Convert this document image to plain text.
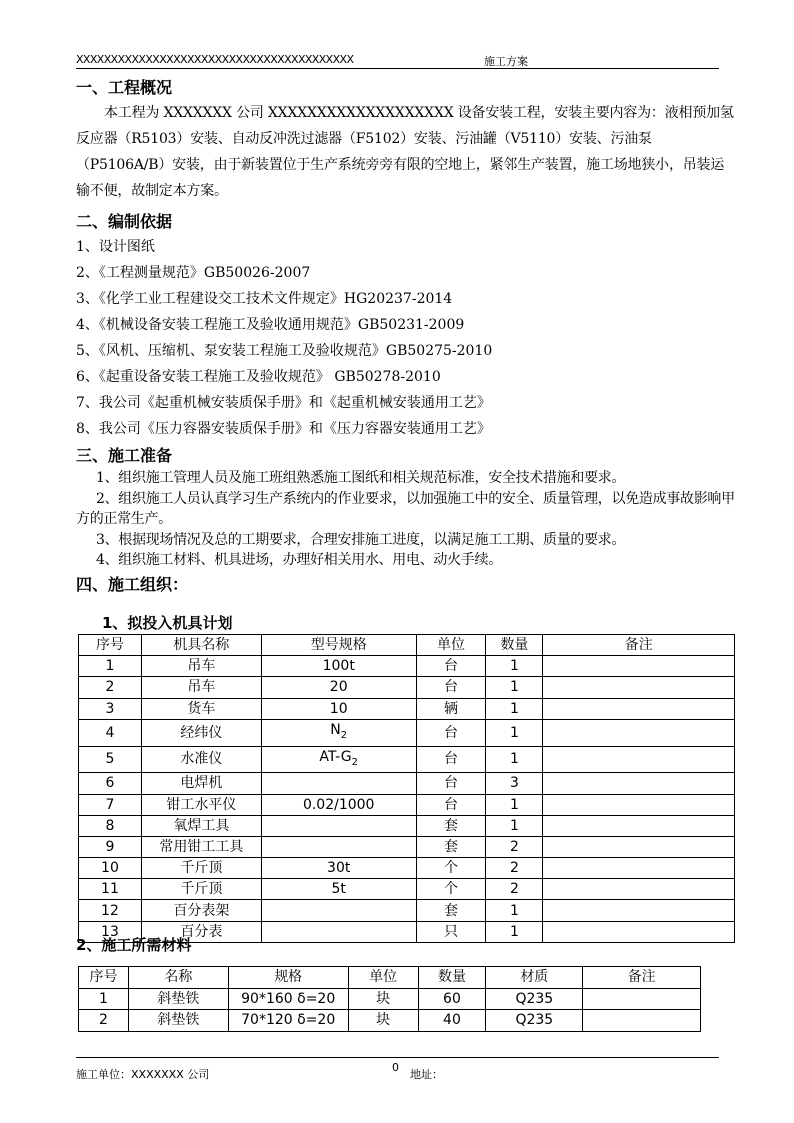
XXXXXXXXXXXXXXXXXXXXXXXXXXXXXXXXXXXXXXXX	施工方案
一、工程概况

本工程为 XXXXXXX 公司 XXXXXXXXXXXXXXXXXXX 设备安装工程，安装主要内容为：液相预加氢反应器（R5103）安装、自动反冲洗过滤器（F5102）安装、污油罐（V5110）安装、污油泵（P5106A/B）安装，由于新装置位于生产系统旁旁有限的空地上，紧邻生产装置，施工场地狭小，吊装运输不便，故制定本方案。

二、编制依据

1、设计图纸

2、《工程测量规范》GB50026-2007

3、《化学工业工程建设交工技术文件规定》HG20237-2014

4、《机械设备安装工程施工及验收通用规范》GB50231-2009

5、《风机、压缩机、泵安装工程施工及验收规范》GB50275-2010

6、《起重设备安装工程施工及验收规范》 GB50278-2010

7、我公司《起重机械安装质保手册》和《起重机械安装通用工艺》

8、我公司《压力容器安装质保手册》和《压力容器安装通用工艺》

三、施工准备

1、组织施工管理人员及施工班组熟悉施工图纸和相关规范标准，安全技术措施和要求。

2、组织施工人员认真学习生产系统内的作业要求，以加强施工中的安全、质量管理，以免造成事故影响甲方的正常生产。

3、根据现场情况及总的工期要求，合理安排施工进度，以满足施工工期、质量的要求。

4、组织施工材料、机具进场，办理好相关用水、用电、动火手续。

四、施工组织：
1、拟投入机具计划
序号	机具名称	型号规格	单位	数量	备注
1	吊车	100t	台	1	
2	吊车	20	台	1	
3	货车	10	辆	1	
4	经纬仪	$N_2$	台	1	
5	水准仪	$AT-G_2$	台	1	
6	电焊机		台	3	
7	钳工水平仪	0.02/1000	台	1	
8	氧焊工具		套	1	
9	常用钳工工具		套	2	
10	千斤顶	30t	个	2	
11	千斤顶	5t	个	2	
12	百分表架		套	1	
13	百分表		只	1	
2、施工所需材料
序号	名称	规格	单位	数量	材质	备注
1	斜垫铁	90*160 δ=20	块	60	Q235	
2	斜垫铁	70*120 δ=20	块	40	Q235	
施工单位：XXXXXXX 公司
0
地址：
